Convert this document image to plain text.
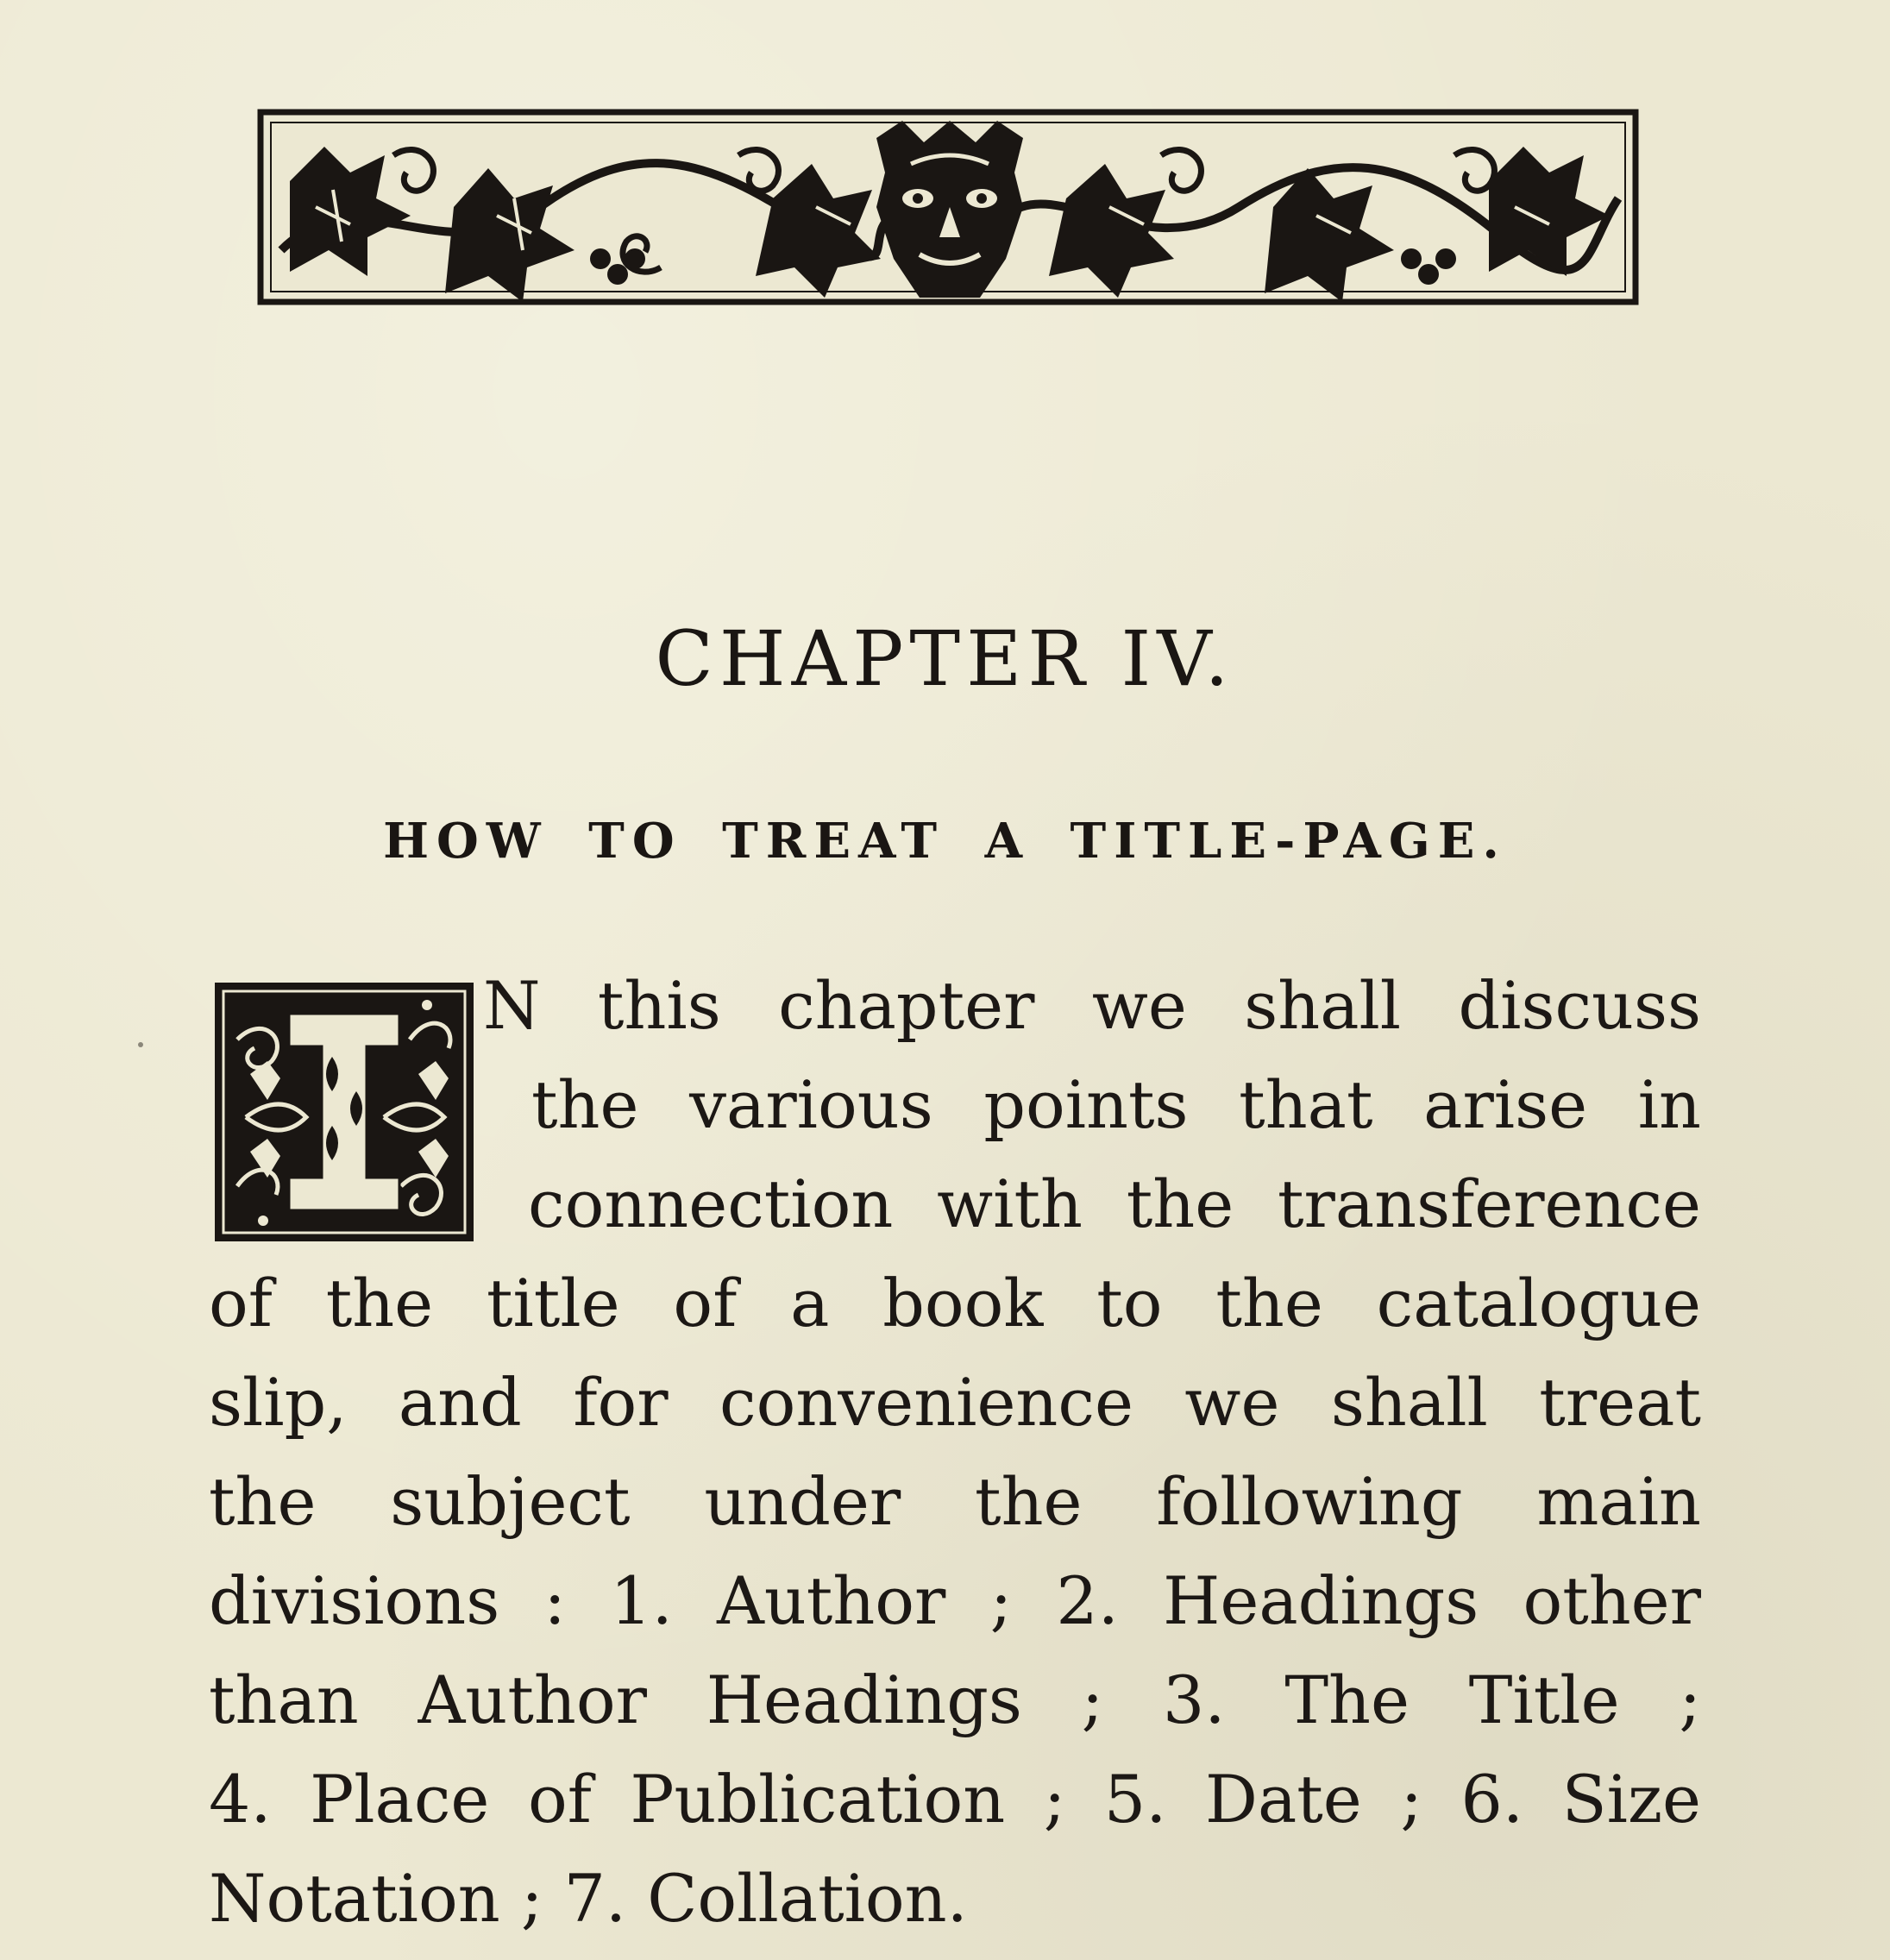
CHAPTER IV.
HOW TO TREAT A TITLE-PAGE.
I
N this chapter we shall discuss
the various points that arise in
connection with the transference
of the title of a book to the catalogue
slip, and for convenience we shall treat
the subject under the following main
divisions : 1. Author ; 2. Headings other
than Author Headings ; 3. The Title ;
4. Place of Publication ; 5. Date ; 6. Size
Notation ; 7. Collation.
